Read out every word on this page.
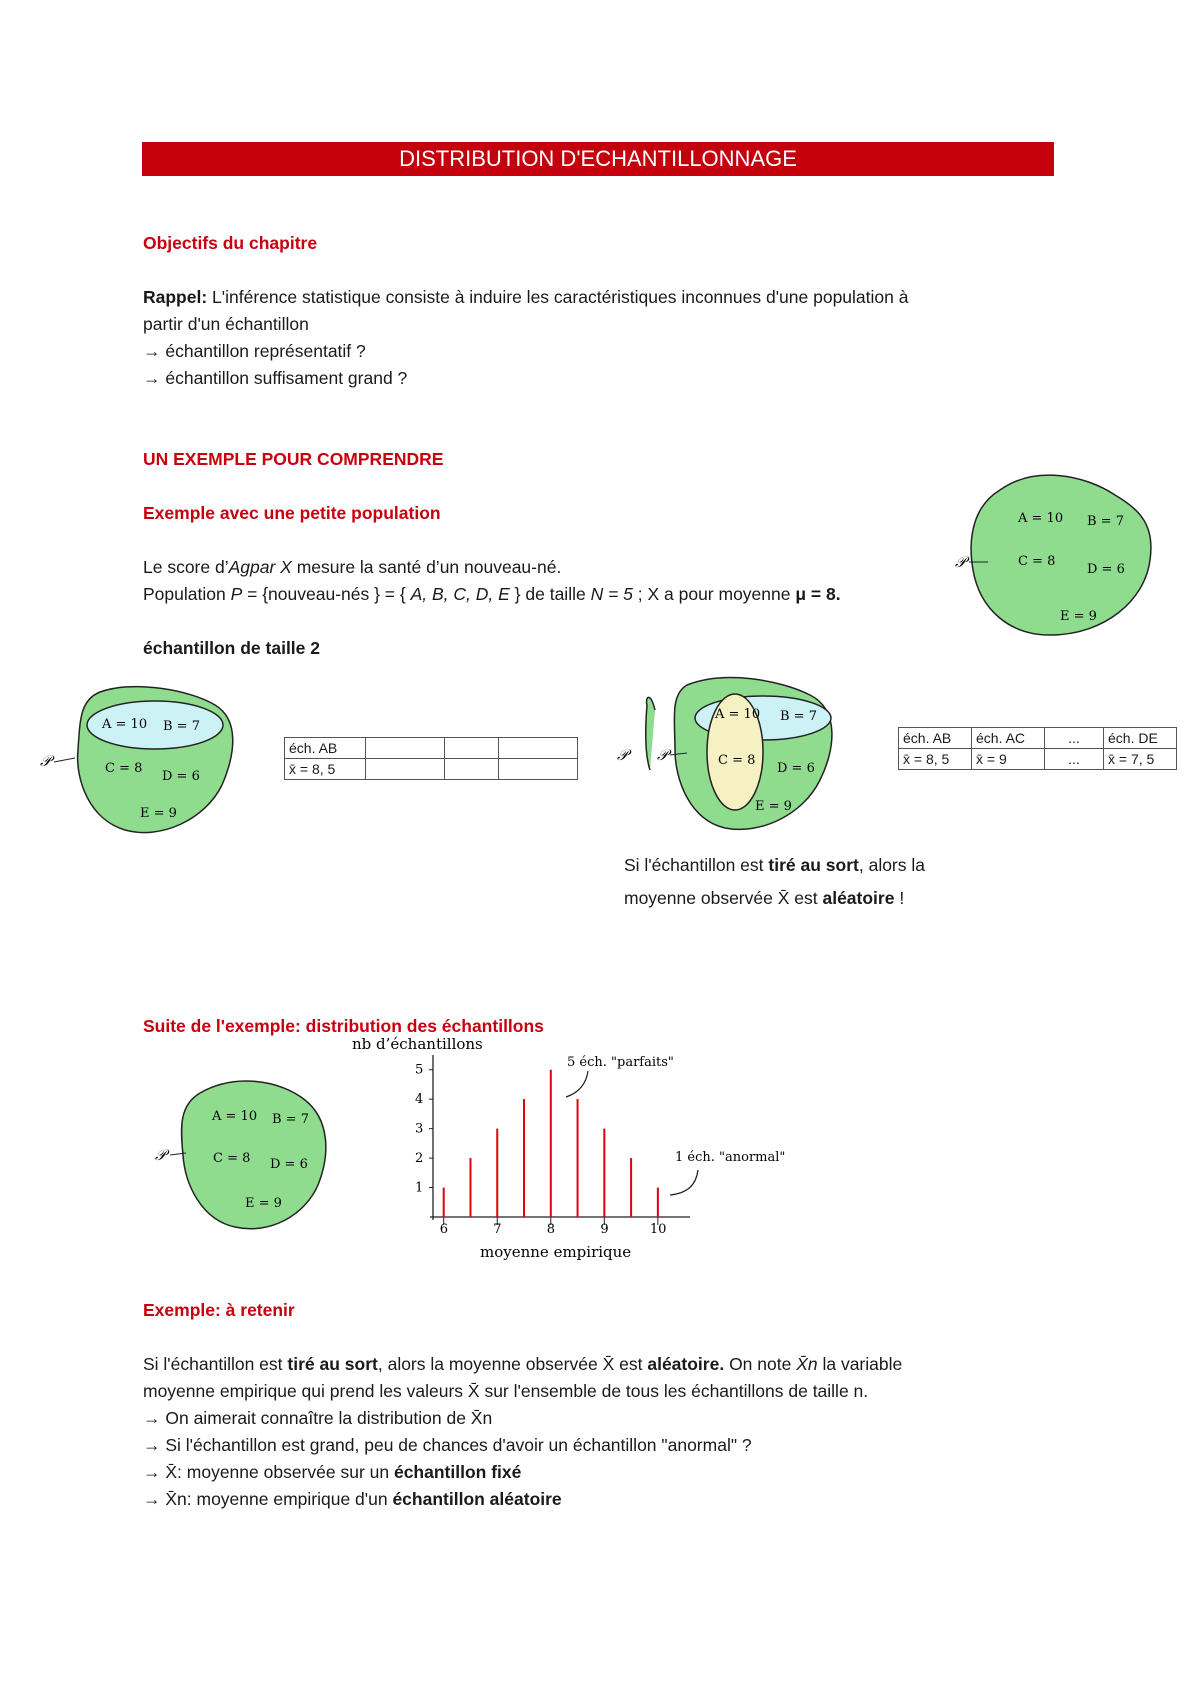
DISTRIBUTION D'ECHANTILLONNAGE
Objectifs du chapitre
Rappel: L'inférence statistique consiste à induire les caractéristiques inconnues d'une population à
partir d'un échantillon
→ échantillon représentatif ?
→ échantillon suffisament grand ?
UN EXEMPLE POUR COMPRENDRE
Exemple avec une petite population
Le score d’Agpar X mesure la santé d’un nouveau-né.
Population P = {nouveau-nés } = { A, B, C, D, E } de taille N = 5 ; X a pour moyenne μ = 8.
échantillon de taille 2
𝒫
A = 10 B = 7
C = 8
D = 6
E = 9
𝒫
A = 10 B = 7
C = 8
D = 6
E = 9
éch. AB			
x̄ = 8, 5			
𝒫 𝒫
A = 10 B = 7
C = 8
D = 6
E = 9
éch. AB	éch. AC	...	éch. DE
x̄ = 8, 5	x̄ = 9	...	x̄ = 7, 5
Si l'échantillon est tiré au sort, alors la
moyenne observée X̄ est aléatoire !
Suite de l'exemple: distribution des échantillons
𝒫
A = 10 B = 7
C = 8 D = 6
E = 9
nb d’échantillons
moyenne empirique
6	7	8	9	10
1
2
3
4
5
5 éch. "parfaits"
1 éch. "anormal"
Exemple: à retenir
Si l'échantillon est tiré au sort, alors la moyenne observée X̄ est aléatoire. On note X̄n la variable
moyenne empirique qui prend les valeurs X̄ sur l'ensemble de tous les échantillons de taille n.
→ On aimerait connaître la distribution de X̄n
→ Si l'échantillon est grand, peu de chances d'avoir un échantillon "anormal" ?
→ X̄: moyenne observée sur un échantillon fixé
→ X̄n: moyenne empirique d'un échantillon aléatoire
